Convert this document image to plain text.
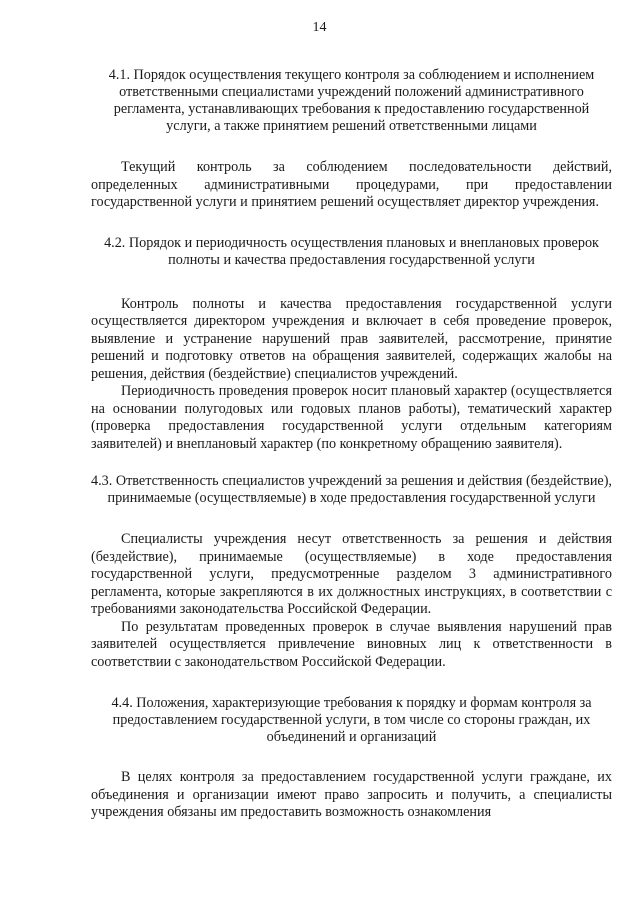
14

4.1. Порядок осуществления текущего контроля за соблюдением и исполнением ответственными специалистами учреждений положений административного регламента, устанавливающих требования к предоставлению государственной услуги, а также принятием решений ответственными лицами

Текущий контроль за соблюдением последовательности действий, определенных административными процедурами, при предоставлении государственной услуги и принятием решений осуществляет директор учреждения.

4.2. Порядок и периодичность осуществления плановых и внеплановых проверок полноты и качества предоставления государственной услуги

Контроль полноты и качества предоставления государственной услуги осуществляется директором учреждения и включает в себя проведение проверок, выявление и устранение нарушений прав заявителей, рассмотрение, принятие решений и подготовку ответов на обращения заявителей, содержащих жалобы на решения, действия (бездействие) специалистов учреждений.

Периодичность проведения проверок носит плановый характер (осуществляется на основании полугодовых или годовых планов работы), тематический характер (проверка предоставления государственной услуги отдельным категориям заявителей) и внеплановый характер (по конкретному обращению заявителя).

4.3. Ответственность специалистов учреждений за решения и действия (бездействие), принимаемые (осуществляемые) в ходе предоставления государственной услуги

Специалисты учреждения несут ответственность за решения и действия (бездействие), принимаемые (осуществляемые) в ходе предоставления государственной услуги, предусмотренные разделом 3 административного регламента, которые закрепляются в их должностных инструкциях, в соответствии с требованиями законодательства Российской Федерации.

По результатам проведенных проверок в случае выявления нарушений прав заявителей осуществляется привлечение виновных лиц к ответственности в соответствии с законодательством Российской Федерации.

4.4. Положения, характеризующие требования к порядку и формам контроля за предоставлением государственной услуги, в том числе со стороны граждан, их объединений и организаций

В целях контроля за предоставлением государственной услуги граждане, их объединения и организации имеют право запросить и получить, а специалисты учреждения обязаны им предоставить возможность ознакомления
